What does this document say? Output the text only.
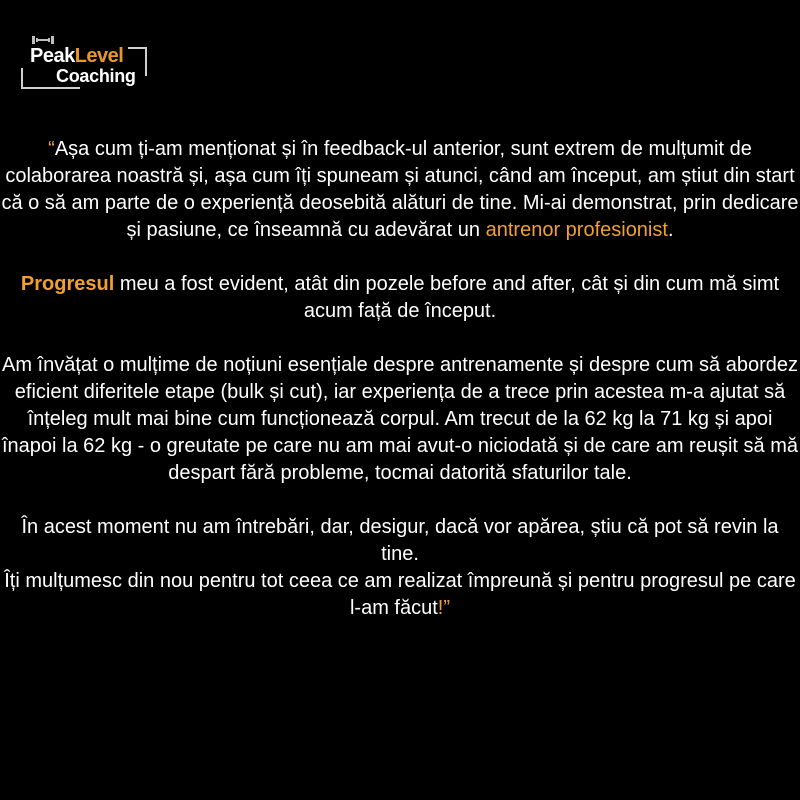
PeakLevel
Coaching

“Așa cum ți-am menționat și în feedback-ul anterior, sunt extrem de mulțumit de colaborarea noastră și, așa cum îți spuneam și atunci, când am început, am știut din start că o să am parte de o experiență deosebită alături de tine. Mi-ai demonstrat, prin dedicare și pasiune, ce înseamnă cu adevărat un antrenor profesionist.

Progresul meu a fost evident, atât din pozele before and after, cât și din cum mă simt acum față de început.

Am învățat o mulțime de noțiuni esențiale despre antrenamente și despre cum să abordez eficient diferitele etape (bulk și cut), iar experiența de a trece prin acestea m-a ajutat să înțeleg mult mai bine cum funcționează corpul. Am trecut de la 62 kg la 71 kg și apoi înapoi la 62 kg - o greutate pe care nu am mai avut-o niciodată și de care am reușit să mă despart fără probleme, tocmai datorită sfaturilor tale.

În acest moment nu am întrebări, dar, desigur, dacă vor apărea, știu că pot să revin la tine.
Îți mulțumesc din nou pentru tot ceea ce am realizat împreună și pentru progresul pe care l-am făcut!”
